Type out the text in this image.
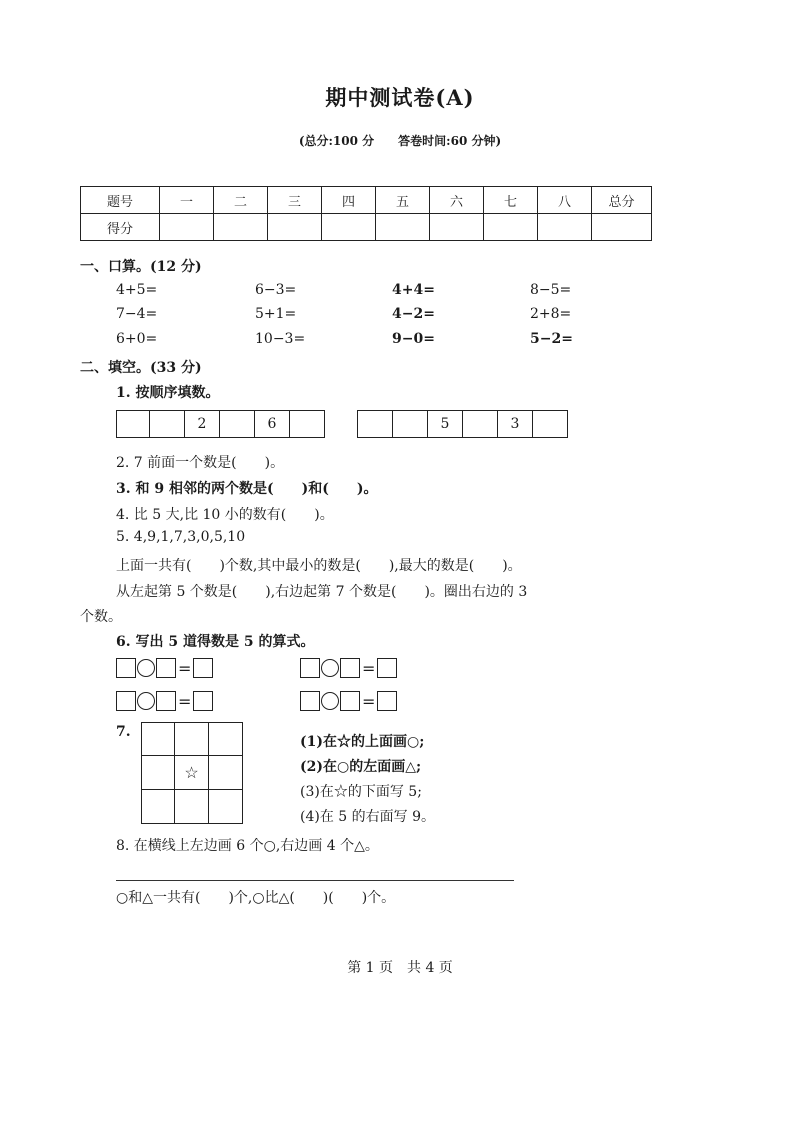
期中测试卷(A)
(总分:100 分　　答卷时间:60 分钟)
题号	一	二	三	四	五	六	七	八	总分
得分									
一、口算。(12 分)
4+5=	6−3=	4+4=	8−5=
7−4=	5+1=	4−2=	2+8=
6+0=	10−3=	9−0=	5−2=
二、填空。(33 分)
1. 按顺序填数。
2	6	5	3
2. 7 前面一个数是(　　)。
3. 和 9 相邻的两个数是(　　)和(　　)。
4. 比 5 大,比 10 小的数有(　　)。
5. 4,9,1,7,3,0,5,10
上面一共有(　　)个数,其中最小的数是(　　),最大的数是(　　)。
从左起第 5 个数是(　　),右边起第 7 个数是(　　)。圈出右边的 3
个数。
6. 写出 5 道得数是 5 的算式。
=	=
=	=
7.
☆
(1)在☆的上面画○;
(2)在○的左面画△;
(3)在☆的下面写 5;
(4)在 5 的右面写 9。
8. 在横线上左边画 6 个○,右边画 4 个△。
○和△一共有(　　)个,○比△(　　)(　　)个。
第 1 页　共 4 页
